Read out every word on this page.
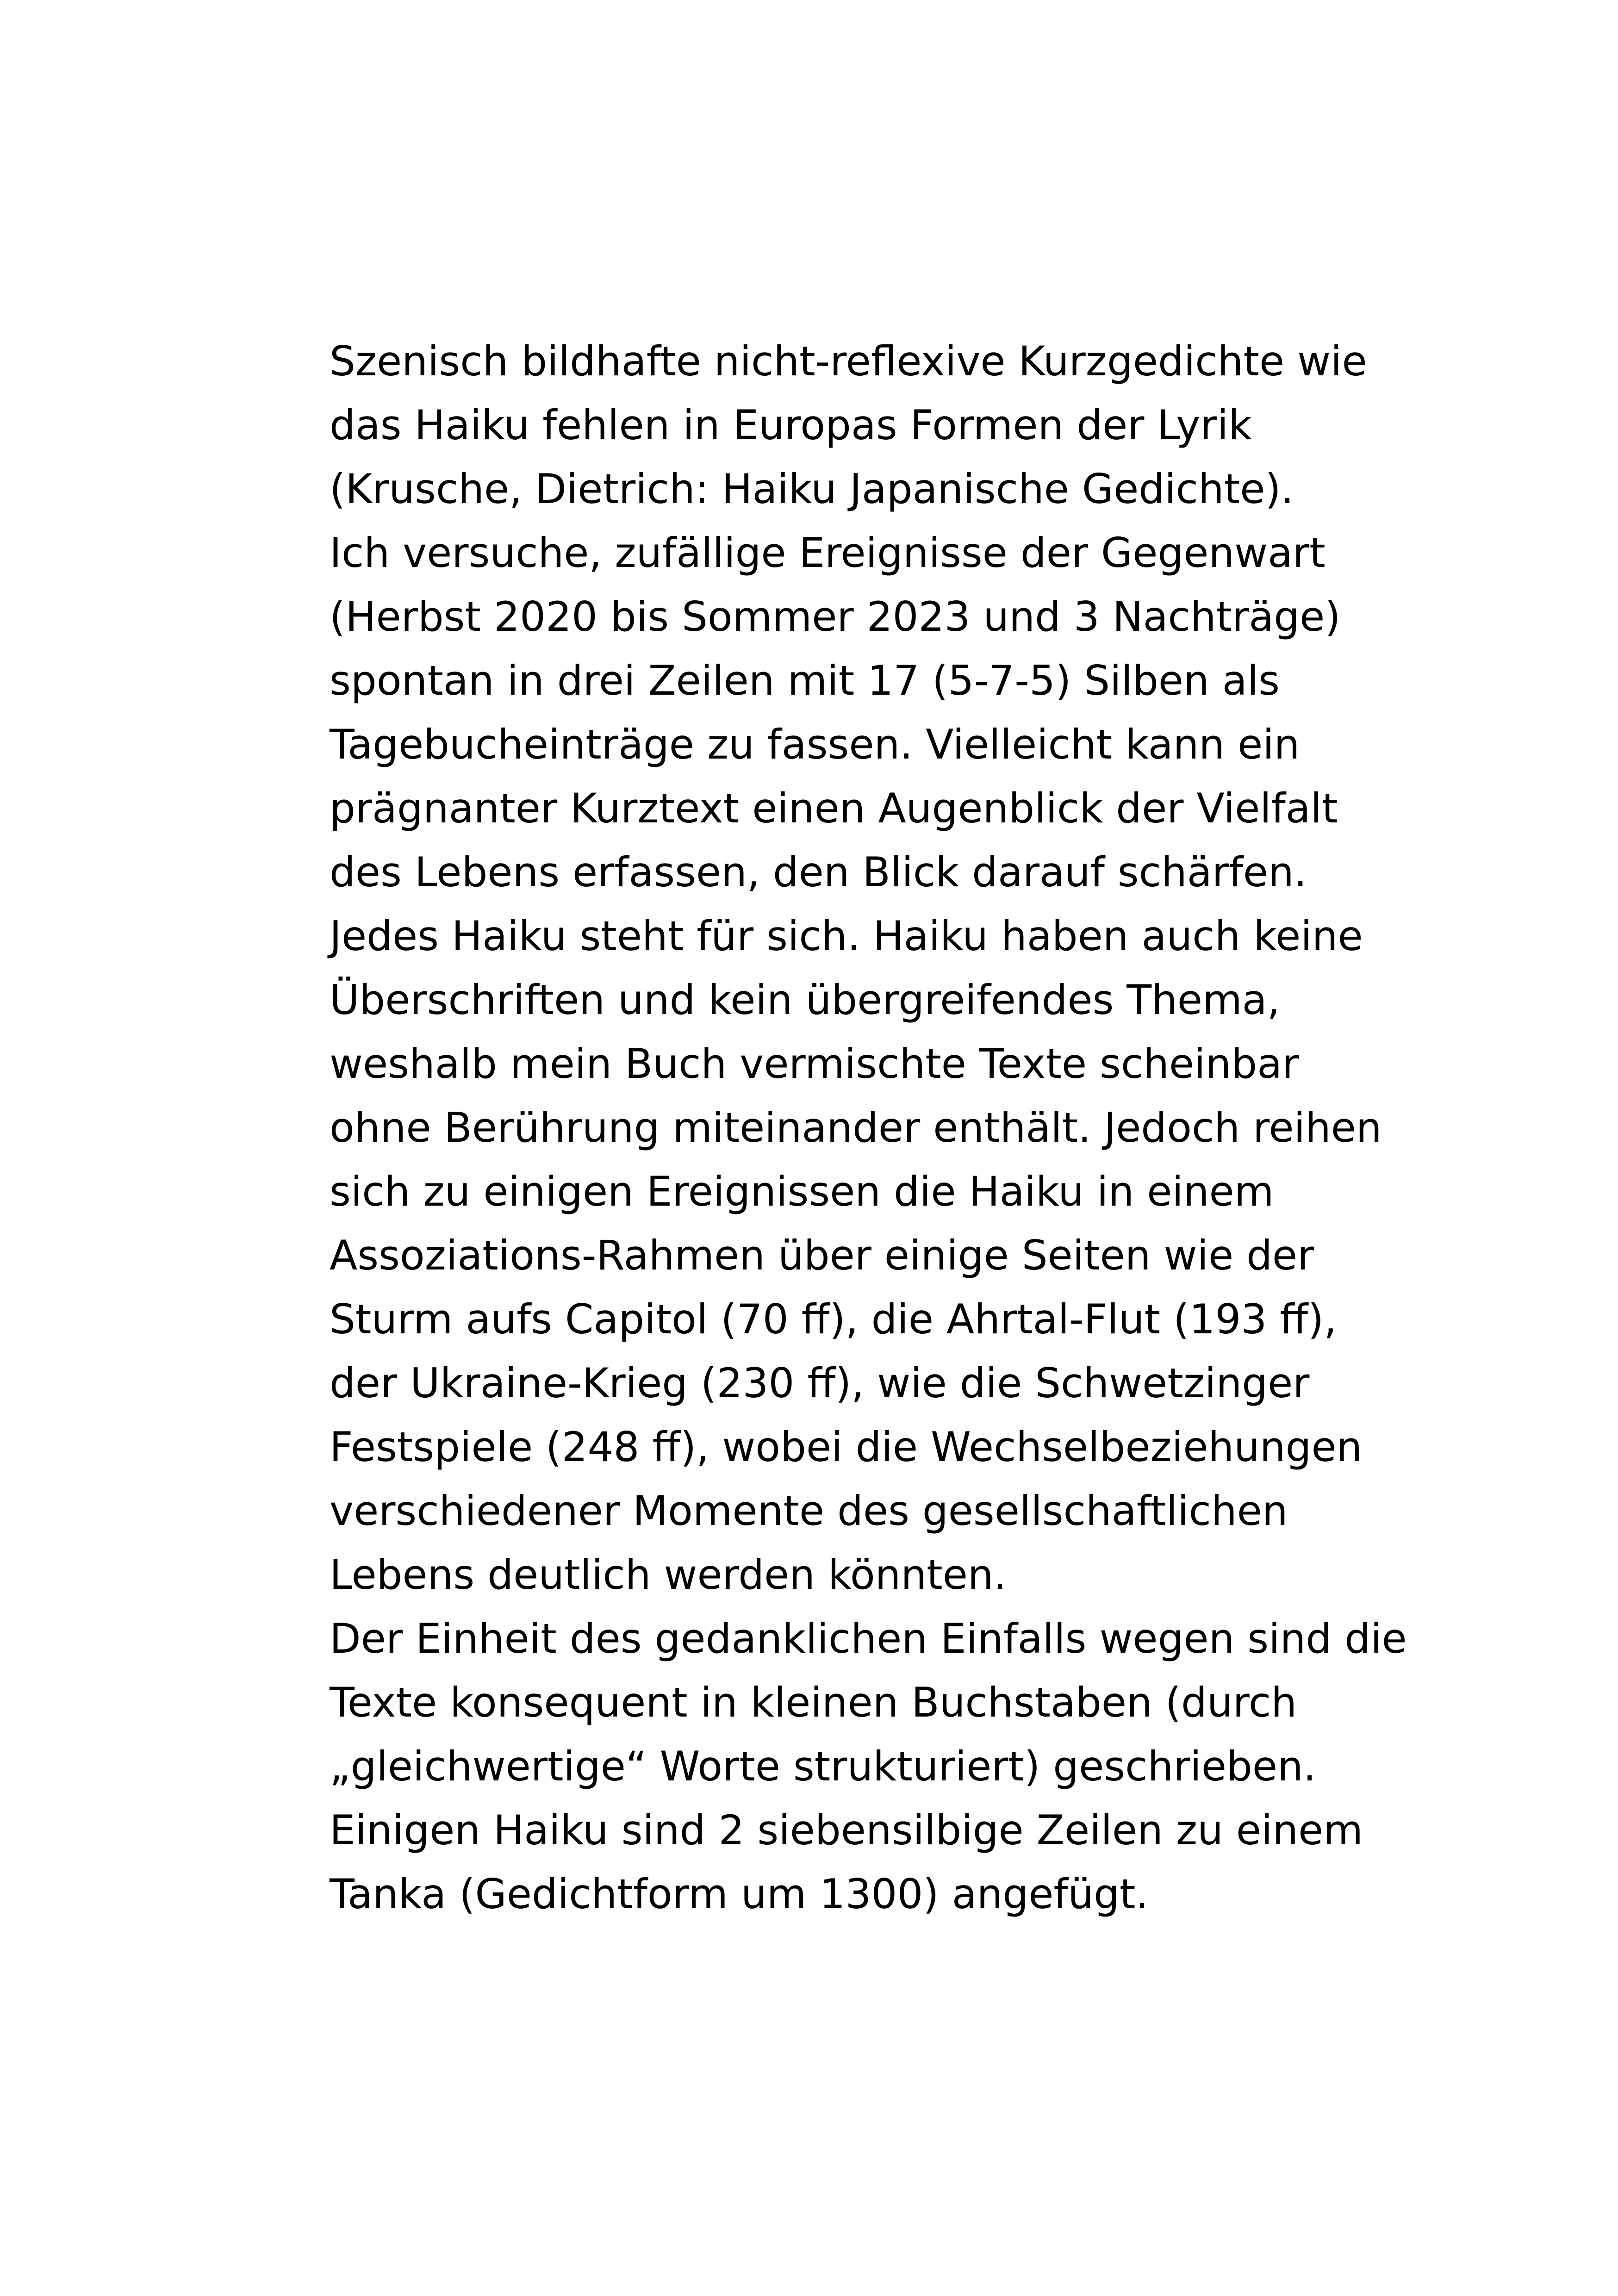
Szenisch bildhafte nicht-reflexive Kurzgedichte wie
das Haiku fehlen in Europas Formen der Lyrik
(Krusche, Dietrich: Haiku Japanische Gedichte).
Ich versuche, zufällige Ereignisse der Gegenwart
(Herbst 2020 bis Sommer 2023 und 3 Nachträge)
spontan in drei Zeilen mit 17 (5-7-5) Silben als
Tagebucheinträge zu fassen. Vielleicht kann ein
prägnanter Kurztext einen Augenblick der Vielfalt
des Lebens erfassen, den Blick darauf schärfen.
Jedes Haiku steht für sich. Haiku haben auch keine
Überschriften und kein übergreifendes Thema,
weshalb mein Buch vermischte Texte scheinbar
ohne Berührung miteinander enthält. Jedoch reihen
sich zu einigen Ereignissen die Haiku in einem
Assoziations-Rahmen über einige Seiten wie der
Sturm aufs Capitol (70 ff), die Ahrtal-Flut (193 ff),
der Ukraine-Krieg (230 ff), wie die Schwetzinger
Festspiele (248 ff), wobei die Wechselbeziehungen
verschiedener Momente des gesellschaftlichen
Lebens deutlich werden könnten.
Der Einheit des gedanklichen Einfalls wegen sind die
Texte konsequent in kleinen Buchstaben (durch
„gleichwertige“ Worte strukturiert) geschrieben.
Einigen Haiku sind 2 siebensilbige Zeilen zu einem
Tanka (Gedichtform um 1300) angefügt.
